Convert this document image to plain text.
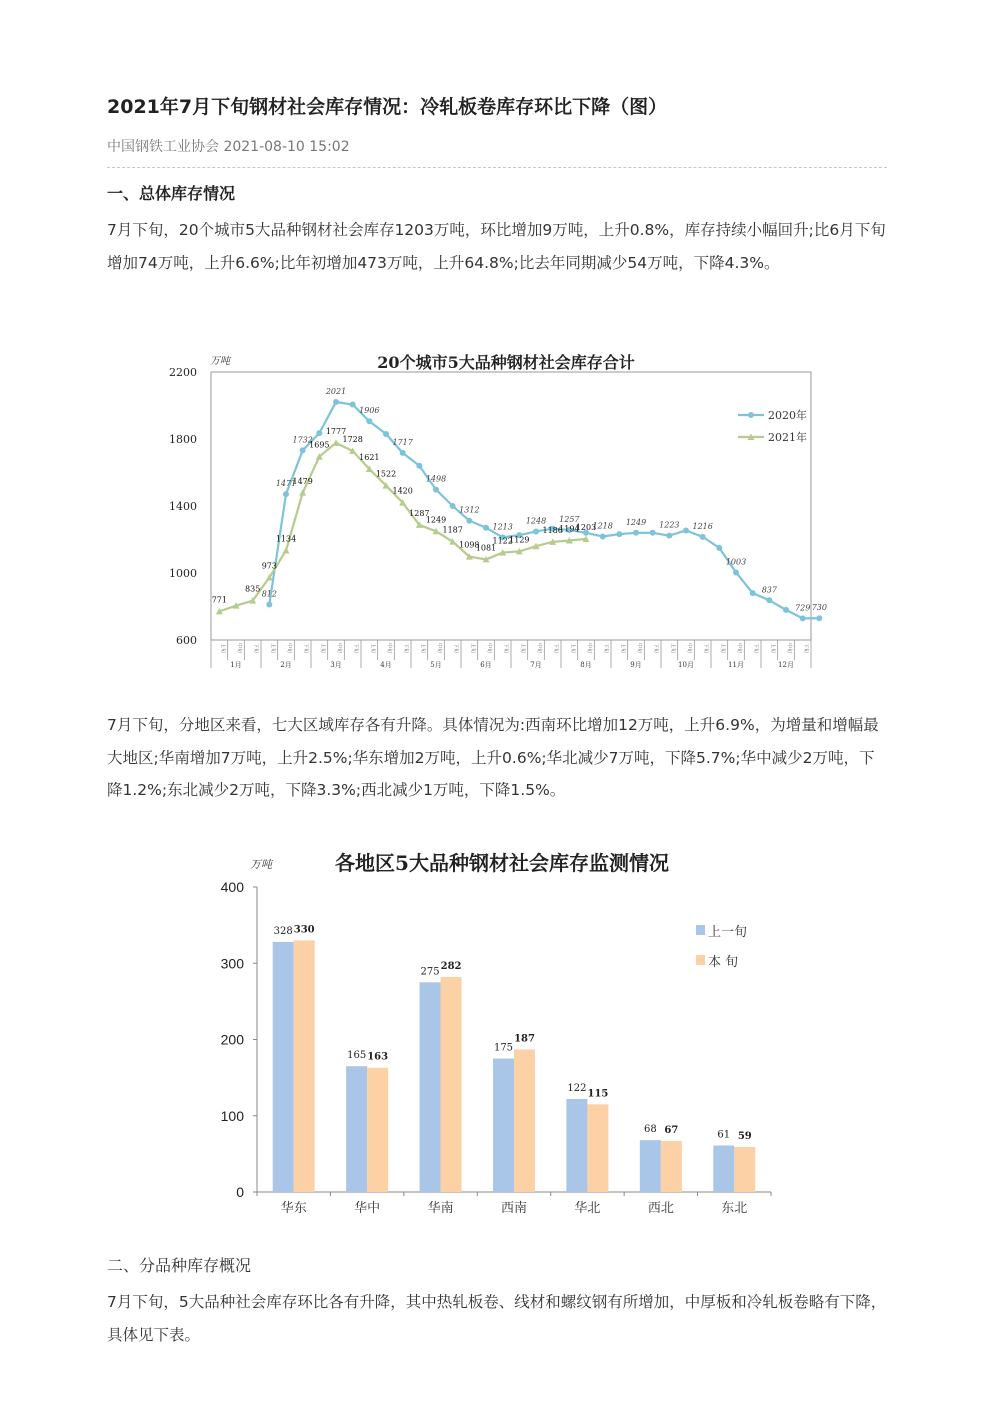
2021年7月下旬钢材社会库存情况：冷轧板卷库存环比下降（图）
中国钢铁工业协会 2021-08-10 15:02
一、总体库存情况
7月下旬，20个城市5大品种钢材社会库存1203万吨，环比增加9万吨，上升0.8%，库存持续小幅回升;比6月下旬增加74万吨，上升6.6%;比年初增加473万吨，上升64.8%;比去年同期减少54万吨，下降4.3%。
7月下旬，分地区来看，七大区域库存各有升降。具体情况为:西南环比增加12万吨，上升6.9%，为增量和增幅最大地区;华南增加7万吨，上升2.5%;华东增加2万吨，上升0.6%;华北减少7万吨，下降5.7%;华中减少2万吨，下降1.2%;东北减少2万吨，下降3.3%;西北减少1万吨，下降1.5%。
二、分品种库存概况
7月下旬，5大品种社会库存环比各有升降，其中热轧板卷、线材和螺纹钢有所增加，中厚板和冷轧板卷略有下降，具体见下表。
20个城市5大品种钢材社会库存合计
万吨
600
1000
1400
1800
2200
上旬 中旬 下旬 上旬 中旬 下旬 上旬 中旬 下旬 上旬 中旬 下旬 上旬 中旬 下旬 上旬 中旬 下旬 上旬 中旬 下旬 上旬 中旬 下旬 上旬 中旬 下旬 上旬 中旬 下旬 上旬 中旬 下旬 上旬 中旬 下旬
1月	2月	3月	4月	5月	6月	7月	8月	9月	10月	11月	12月
812
1471
1732
2021
1906
1717
1498
1312
1213
1248 1257
1218 1249 1223 1216
1003
837
729 730
771
835
973
1134
1479
1695
1777
1728
1621
1522
1420
1287
1249
1187
1098
1081
1122
1129
1186
1194
1203
2020年
2021年
各地区5大品种钢材社会库存监测情况
万吨
0
100
200
300
400
328 330
华东
165 163
华中
275 282
华南
175
187
西南
122 115
华北
68 67
西北
61 59
东北
上一旬
本 旬
